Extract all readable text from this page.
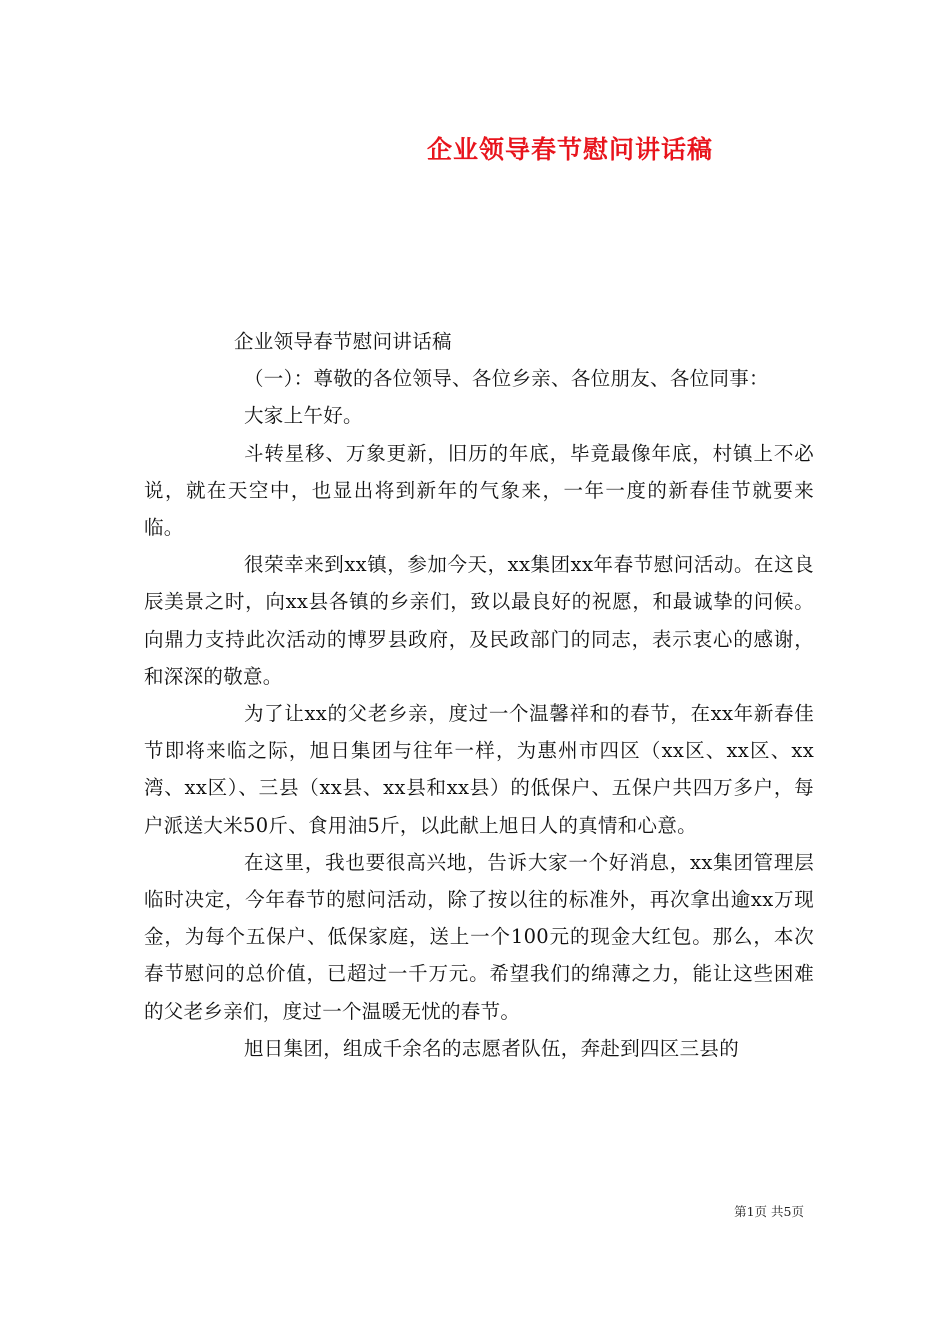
企业领导春节慰问讲话稿

企业领导春节慰问讲话稿

（一）：尊敬的各位领导、各位乡亲、各位朋友、各位同事：

大家上午好。

斗转星移、万象更新，旧历的年底，毕竟最像年底，村镇上不必说，就在天空中，也显出将到新年的气象来，一年一度的新春佳节就要来临。

很荣幸来到xx镇，参加今天，xx集团xx年春节慰问活动。在这良辰美景之时，向xx县各镇的乡亲们，致以最良好的祝愿，和最诚挚的问候。向鼎力支持此次活动的博罗县政府，及民政部门的同志，表示衷心的感谢，和深深的敬意。

为了让xx的父老乡亲，度过一个温馨祥和的春节，在xx年新春佳节即将来临之际，旭日集团与往年一样，为惠州市四区（xx区、xx区、xx湾、xx区）、三县（xx县、xx县和xx县）的低保户、五保户共四万多户，每户派送大米50斤、食用油5斤，以此献上旭日人的真情和心意。

在这里，我也要很高兴地，告诉大家一个好消息，xx集团管理层临时决定，今年春节的慰问活动，除了按以往的标准外，再次拿出逾xx万现金，为每个五保户、低保家庭，送上一个100元的现金大红包。那么，本次春节慰问的总价值，已超过一千万元。希望我们的绵薄之力，能让这些困难的父老乡亲们，度过一个温暖无忧的春节。

旭日集团，组成千余名的志愿者队伍，奔赴到四区三县的

第1页 共5页
